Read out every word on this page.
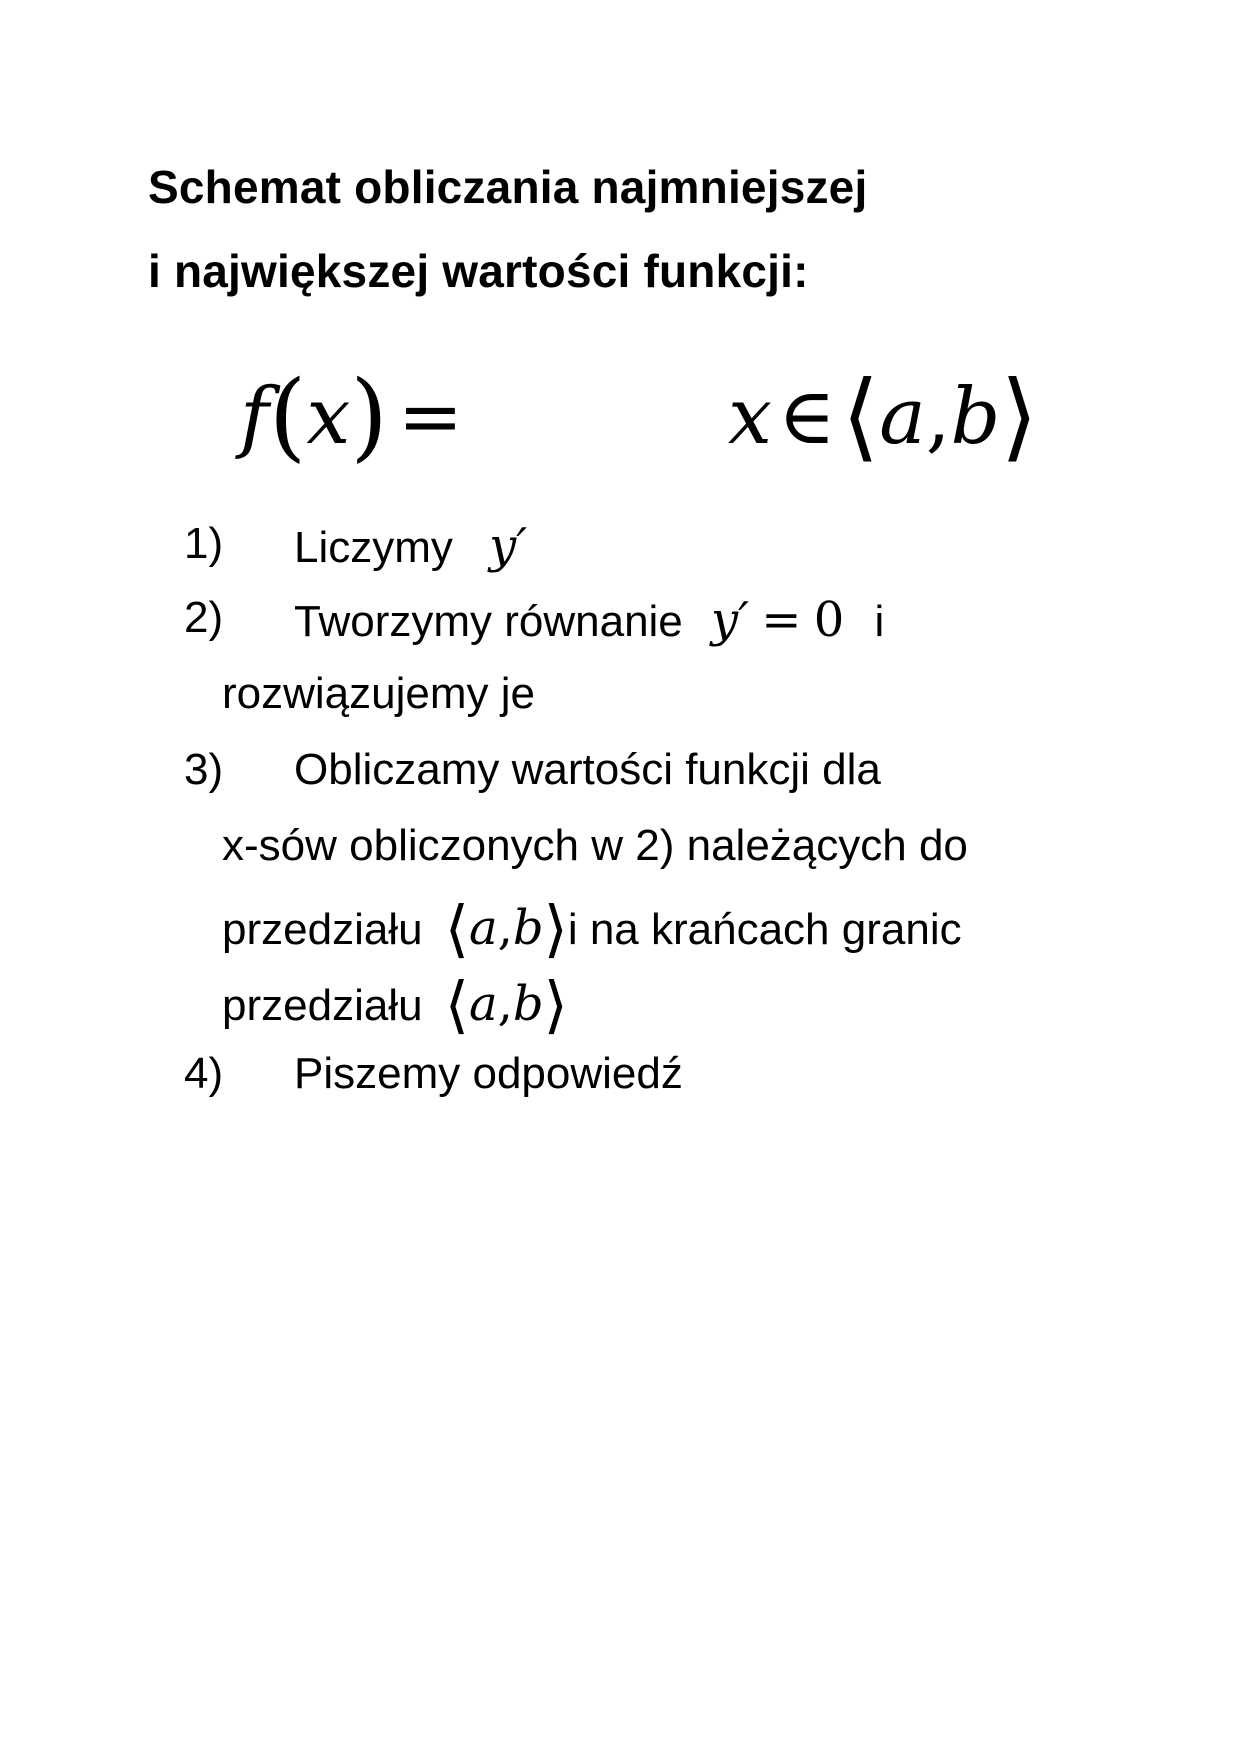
Schemat obliczania najmniejszej
i największej wartości funkcji:
f(x) =	x∈⟨a,b⟩
1) Liczymy y′
2) Tworzymy równanie y′ = 0 i
rozwiązujemy je
3) Obliczamy wartości funkcji dla
x-sów obliczonych w 2) należących do
przedziału ⟨a,b⟩i na krańcach granic
przedziału ⟨a,b⟩
4) Piszemy odpowiedź
